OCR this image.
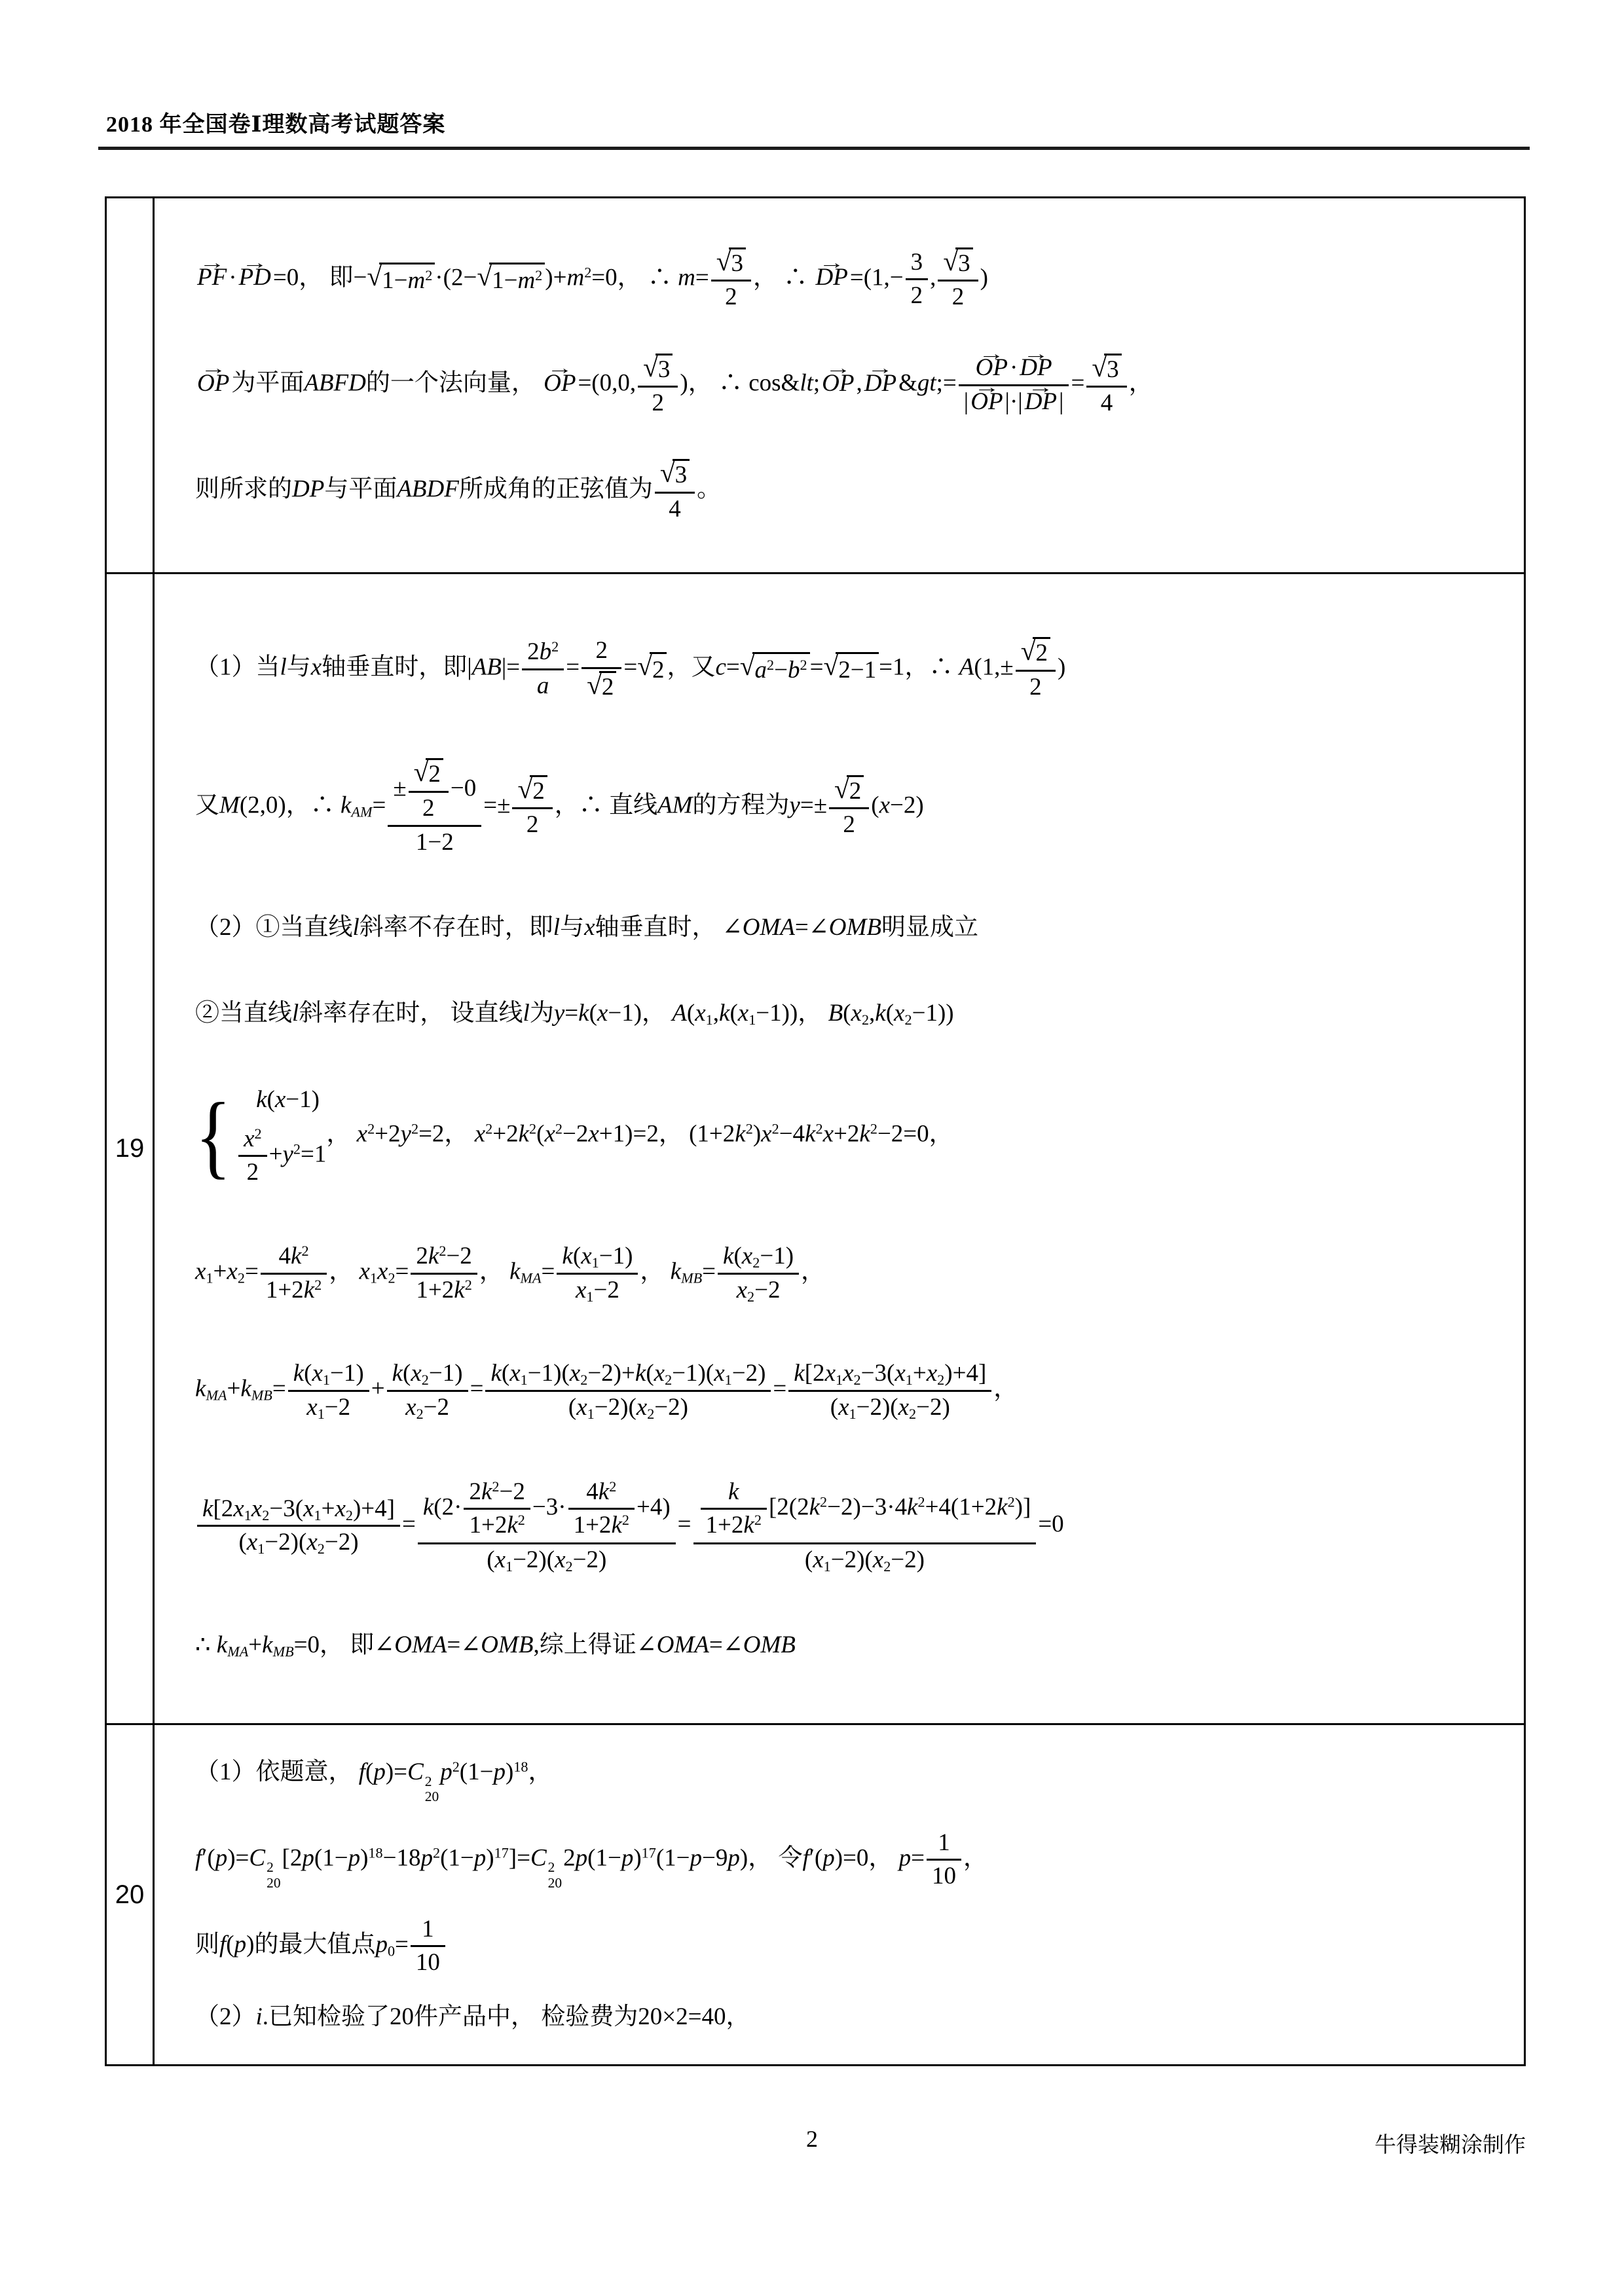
2018 年全国卷Ⅰ理数高考试题答案
PF →·PD →=0， 即− √ $1-m^2 \cdot(2-$ √ $1-m^2$ )$+m^2=0$， ∴ $m= \frac{√ 3}{2}$ ， ∴ DP $\to=(1,- \frac{3}{2}$ , $\frac{√ 3}{2}$ )
OP →为平面ABFD的一个法向量， OP →=(0,0, $\frac{√ 3}{2}$ )， ∴ cos&lt;OP →,DP →&gt;= $\frac{OP \to\cdot DP \to}{|OP \to|\cdot|DP \to|} = \frac{√ 3}{4}$ ，
则所求的DP与平面ABDF所成角的正弦值为 $\frac{√ 3}{4}$ 。
19
（1）当l与x轴垂直时，即$|AB|= \frac{2b^2}{a} = \frac{2}{√ 2}$ = √ 2 ，又c= √ $a^2-b^2$ = √ 2−1 =1，∴ $A(1,\pm \frac{√ 2}{2}$ )
又M(2,0)，∴ $k_{AM}= \frac{\pm \frac{√ 2}{2} -0}{1-2} =\pm \frac{√ 2}{2}$ ，∴ 直线AM的方程为$y=\pm \frac{√ 2}{2} (x-2)$
（2）①当直线l斜率不存在时，即l与x轴垂直时， ∠OMA=∠OMB明显成立
②当直线l斜率存在时， 设直线l为y=k(x−1)， $A(x_1,k(x_1-1))$， $B(x_2,k(x_2-1))$
{ k(x−1)
$\frac{x^2}{2} +y^2=1$
， $x^2+2y^2=2$， $x^2+2k^2(x^2-2x+1)=2$， $(1+2k^2)x^2-4k^2x+2k^2-2=0$，
$x_1+x_2= \frac{4k^2}{1+2k^2}$ ， $x_1x_2= \frac{2k^2-2}{1+2k^2}$ ， $k_{MA}= \frac{k(x_1-1)}{x_1-2}$ ， $k_{MB}= \frac{k(x_2-1)}{x_2-2}$ ，
$k_{MA}+k_{MB}= \frac{k(x_1-1)}{x_1-2} + \frac{k(x_2-1)}{x_2-2} = \frac{k(x_1-1)(x_2-2)+k(x_2-1)(x_1-2)}{(x_1-2)(x_2-2)} = \frac{k[2x_1x_2-3(x_1+x_2)+4]}{(x_1-2)(x_2-2)}$ ，
$\frac{k[2x_1x_2-3(x_1+x_2)+4]}{(x_1-2)(x_2-2)} = \frac{k(2\cdot \frac{2k^2-2}{1+2k^2} -3\cdot \frac{4k^2}{1+2k^2} +4)}{(x_1-2)(x_2-2)} = \frac{\frac{k}{1+2k^2} [2(2k^2-2)-3\cdot 4k^2+4(1+2k^2)]}{(x_1-2)(x_2-2)} =0$
∴ $k_{MA}+k_{MB}=0$， 即∠OMA=∠OMB,综上得证∠OMA=∠OMB
20
（1）依题意， f(p)=C 2
20
$p^2(1-p)^{18}$，
f′(p)=C 2
20
$[2p(1-p)^{18}-18p^2(1-p)^{17}]=C$ 2
20
$2p(1-p)^{17}(1-p-9p)$， 令f′(p)=0， $p= \frac{1}{10}$ ，
则f(p)的最大值点$p_0= \frac{1}{10}$
（2）i.已知检验了20件产品中， 检验费为20×2=40，
2	牛得装糊涂制作
